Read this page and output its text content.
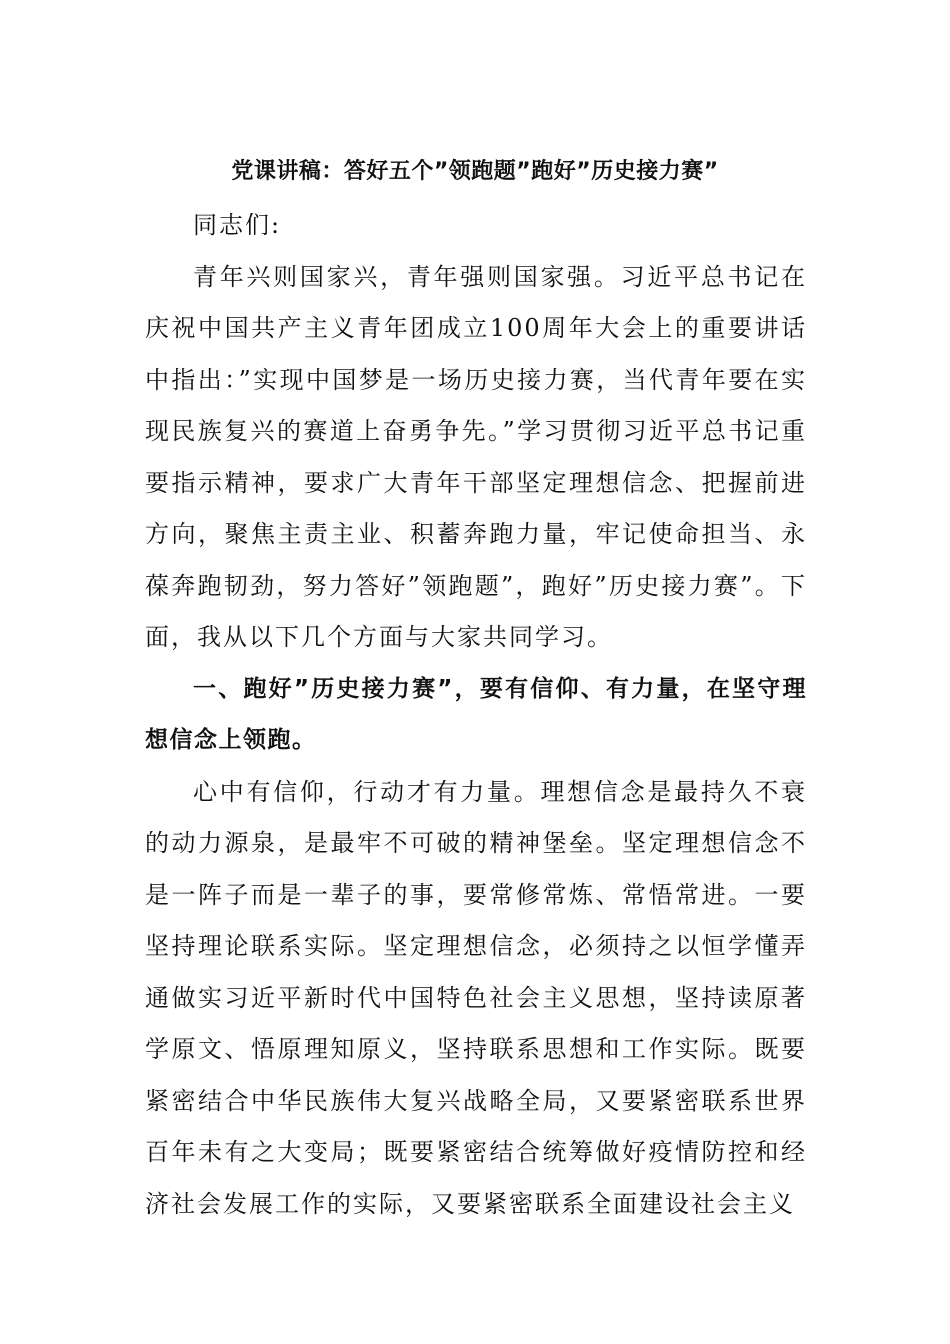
党课讲稿：答好五个”领跑题”跑好”历史接力赛”

同志们:

青年兴则国家兴，青年强则国家强。习近平总书记在庆祝中国共产主义青年团成立100周年大会上的重要讲话中指出：”实现中国梦是一场历史接力赛，当代青年要在实现民族复兴的赛道上奋勇争先。”学习贯彻习近平总书记重要指示精神，要求广大青年干部坚定理想信念、把握前进方向，聚焦主责主业、积蓄奔跑力量，牢记使命担当、永葆奔跑韧劲，努力答好”领跑题”，跑好”历史接力赛”。下面，我从以下几个方面与大家共同学习。

一、跑好”历史接力赛”，要有信仰、有力量，在坚守理想信念上领跑。

心中有信仰，行动才有力量。理想信念是最持久不衰的动力源泉，是最牢不可破的精神堡垒。坚定理想信念不是一阵子而是一辈子的事，要常修常炼、常悟常进。一要坚持理论联系实际。坚定理想信念，必须持之以恒学懂弄通做实习近平新时代中国特色社会主义思想，坚持读原著学原文、悟原理知原义，坚持联系思想和工作实际。既要紧密结合中华民族伟大复兴战略全局，又要紧密联系世界百年未有之大变局；既要紧密结合统筹做好疫情防控和经济社会发展工作的实际，又要紧密联系全面建设社会主义
